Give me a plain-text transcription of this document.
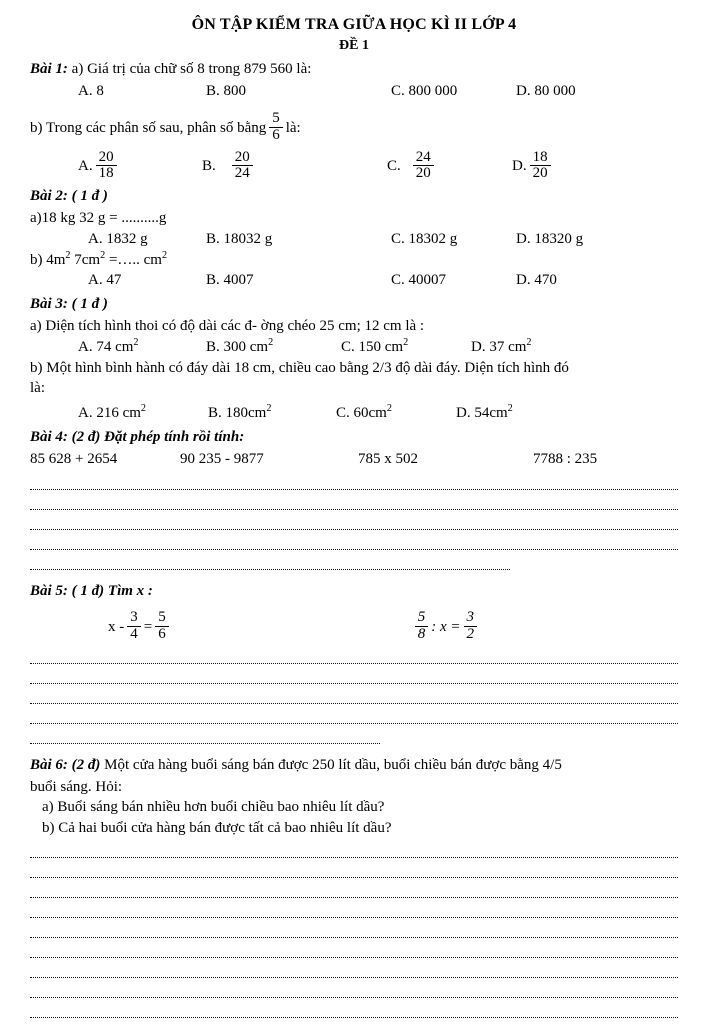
ÔN TẬP KIỂM TRA GIỮA HỌC KÌ II LỚP 4
ĐỀ 1
Bài 1: a) Giá trị của chữ số 8 trong 879 560 là:
A. 8	B. 800	C. 800 000	D. 80 000
b) Trong các phân số sau, phân số bằng $\frac{5}{6}$ là:
A. $\frac{20}{18}$	B. $\frac{20}{24}$	C. $\frac{24}{20}$	D. $\frac{18}{20}$
Bài 2: ( 1 đ )
a)18 kg 32 g = ..........g
A. 1832 g	B. 18032 g	C. 18302 g	D. 18320 g
b) $4m^2$ $7cm^2$ =….. $cm^2$
A. 47	B. 4007	C. 40007	D. 470
Bài 3: ( 1 đ )
a) Diện tích hình thoi có độ dài các đ- ờng chéo 25 cm; 12 cm là :
A. 74 $cm^2$	B. 300 $cm^2$	C. 150 $cm^2$	D. 37 $cm^2$
b) Một hình bình hành có đáy dài 18 cm, chiều cao bằng 2/3 độ dài đáy. Diện tích hình đó
là:
A. 216 $cm^2$	B. $180cm^2$	C. $60cm^2$	D. $54cm^2$
Bài 4: (2 đ) Đặt phép tính rồi tính:
85 628 + 2654	90 235 - 9877	785 x 502	7788 : 235
Bài 5: ( 1 đ) Tìm x :
$x - \frac{3}{4} = \frac{5}{6}$	$\frac{5}{8}$ : $x = \frac{3}{2}$
Bài 6: (2 đ) Một cửa hàng buổi sáng bán được 250 lít dầu, buổi chiều bán được bằng 4/5
buổi sáng. Hỏi:
a) Buổi sáng bán nhiều hơn buổi chiều bao nhiêu lít dầu?
b) Cả hai buổi cửa hàng bán được tất cả bao nhiêu lít dầu?
